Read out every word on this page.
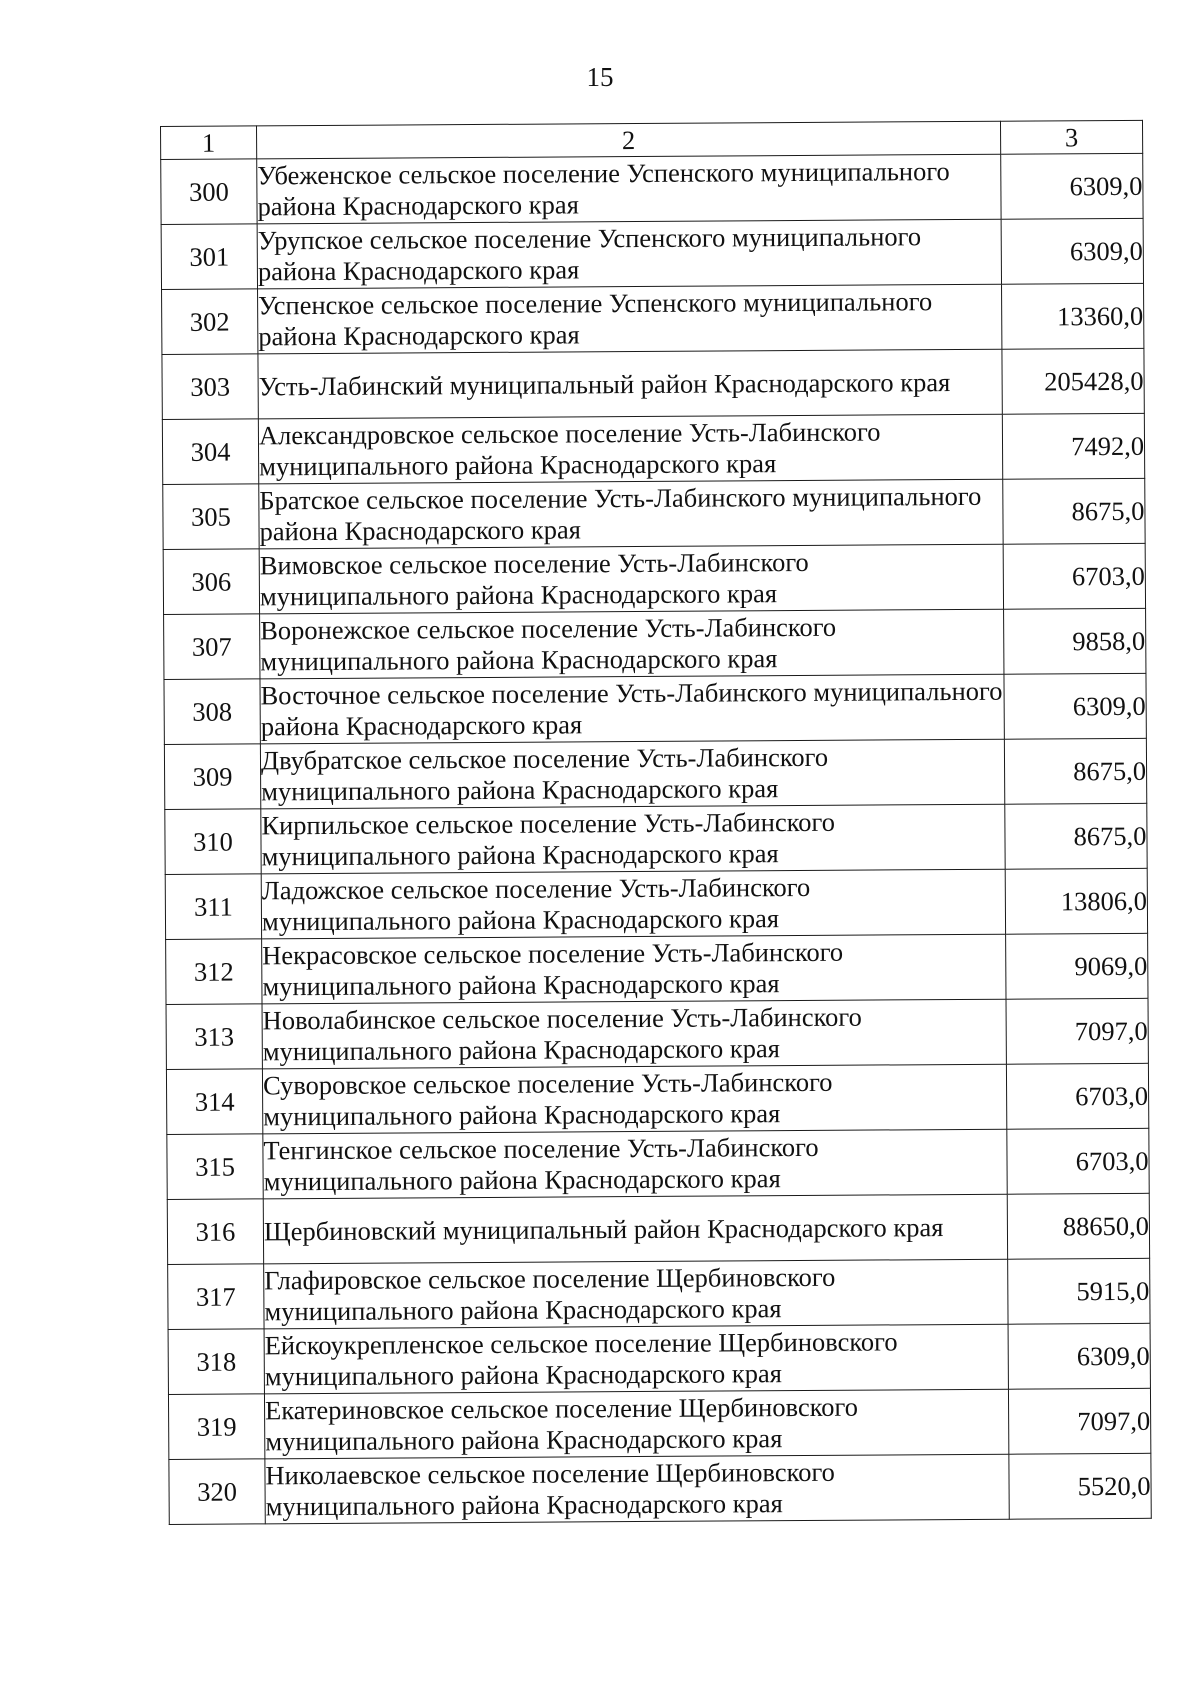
15
1	2	3
300	Убеженское сельское поселение Успенского муниципального района Краснодарского края	6309,0
301	Урупское сельское поселение Успенского муниципального района Краснодарского края	6309,0
302	Успенское сельское поселение Успенского муниципального района Краснодарского края	13360,0
303	Усть-Лабинский муниципальный район Краснодарского края	205428,0
304	Александровское сельское поселение Усть-Лабинского муниципального района Краснодарского края	7492,0
305	Братское сельское поселение Усть-Лабинского муниципального района Краснодарского края	8675,0
306	Вимовское сельское поселение Усть-Лабинского муниципального района Краснодарского края	6703,0
307	Воронежское сельское поселение Усть-Лабинского муниципального района Краснодарского края	9858,0
308	Восточное сельское поселение Усть-Лабинского муниципального района Краснодарского края	6309,0
309	Двубратское сельское поселение Усть-Лабинского муниципального района Краснодарского края	8675,0
310	Кирпильское сельское поселение Усть-Лабинского муниципального района Краснодарского края	8675,0
311	Ладожское сельское поселение Усть-Лабинского муниципального района Краснодарского края	13806,0
312	Некрасовское сельское поселение Усть-Лабинского муниципального района Краснодарского края	9069,0
313	Новолабинское сельское поселение Усть-Лабинского муниципального района Краснодарского края	7097,0
314	Суворовское сельское поселение Усть-Лабинского муниципального района Краснодарского края	6703,0
315	Тенгинское сельское поселение Усть-Лабинского муниципального района Краснодарского края	6703,0
316	Щербиновский муниципальный район Краснодарского края	88650,0
317	Глафировское сельское поселение Щербиновского муниципального района Краснодарского края	5915,0
318	Ейскоукрепленское сельское поселение Щербиновского муниципального района Краснодарского края	6309,0
319	Екатериновское сельское поселение Щербиновского муниципального района Краснодарского края	7097,0
320	Николаевское сельское поселение Щербиновского муниципального района Краснодарского края	5520,0
